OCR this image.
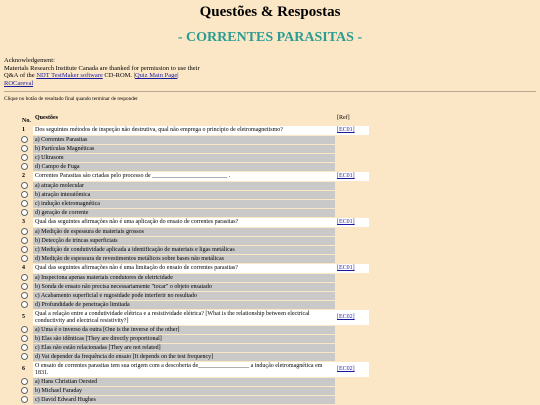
Questões & Respostas
- CORRENTES PARASITAS -
Acknowledgement:
Materials Research Institute Canada are thanked for permission to use their
Q&A of the NDT TestMaker software CD-ROM. |Quiz Main Page|
ROCareval
Clique no botão de resultado final quando terminar de responder

No.	Questões	[Ref]
1	Dos seguintes métodos de inspeção não destrutiva, qual não emprega o princípio de eletromagnetismo?	[EC01]
	a) Correntes Parasitas	
	b) Partículas Magnéticas	
	c) Ultrasom	
	d) Campo de Fuga	
2	Correntes Parasitas são criadas pelo processo de _________________________ .	[EC01]
	a) atração molecular	
	b) atração interatômica	
	c) indução eletromagnética	
	d) geração de corrente	
3	Qual das seguintes afirmações não é uma aplicação do ensaio de correntes parasitas?	[EC01]
	a) Medição de espessura de materiais grossos	
	b) Detecção de trincas superficiais	
	c) Medição de condutividade aplicada a identificação de materiais e ligas metálicas	
	d) Medição de espessura de revestimentos metálicos sobre bases não metálicas	
4	Qual das seguintes afirmações não é uma limitação do ensaio de correntes parasitas?	[EC01]
	a) Inspeciona apenas materiais condutores de eletricidade	
	b) Sonda de ensaio não precisa necessariamente "tocar" o objeto ensaiado	
	c) Acabamento superficial e rugosidade pode interferir no resultado	
	d) Profundidade de penetração limitada	
5	Qual a relação entre a condutividade elétrica e a resistividade elétrica? [What is the relationship between electrical conductivity and electrical resistivity?]	[EC02]
	a) Uma é o inverso da outra [One is the inverse of the other]	
	b) Elas são idênticas [They are directly proportional]	
	c) Elas não estão relacionadas [They are not related]	
	d) Vai depender da frequência do ensaio [It depends on the test frequency]	
6	O ensaio de correntes parasitas tem sua origem com a descoberta de_________________ a indução eletromagnética em 1831.	[EC02]
	a) Hans Christian Oersted	
	b) Michael Faraday	
	c) David Edward Hughes	
